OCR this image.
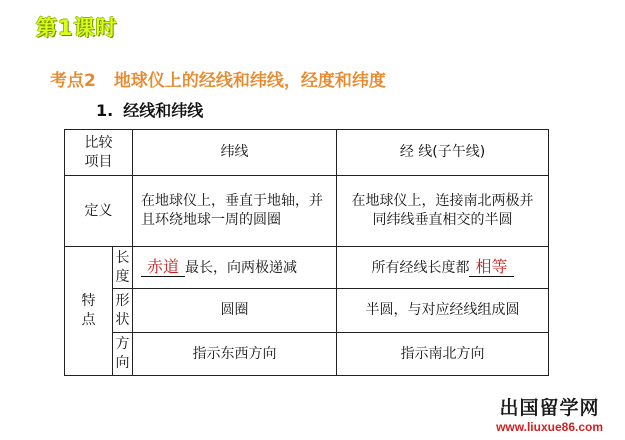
第1课时
考点2 地球仪上的经线和纬线，经度和纬度
1. 经线和纬线
比较项目		纬线	经 线(子午线)
定义		在地球仪上，垂直于地轴，并且环绕地球一周的圆圈	在地球仪上，连接南北两极并同纬线垂直相交的半圆
特点	长度	赤道 最长，向两极递减	所有经线长度都 相等
	形状	圆圈	半圆，与对应经线组成圆
	方向	指示东西方向	指示南北方向
出国留学网
www.liuxue86.com
